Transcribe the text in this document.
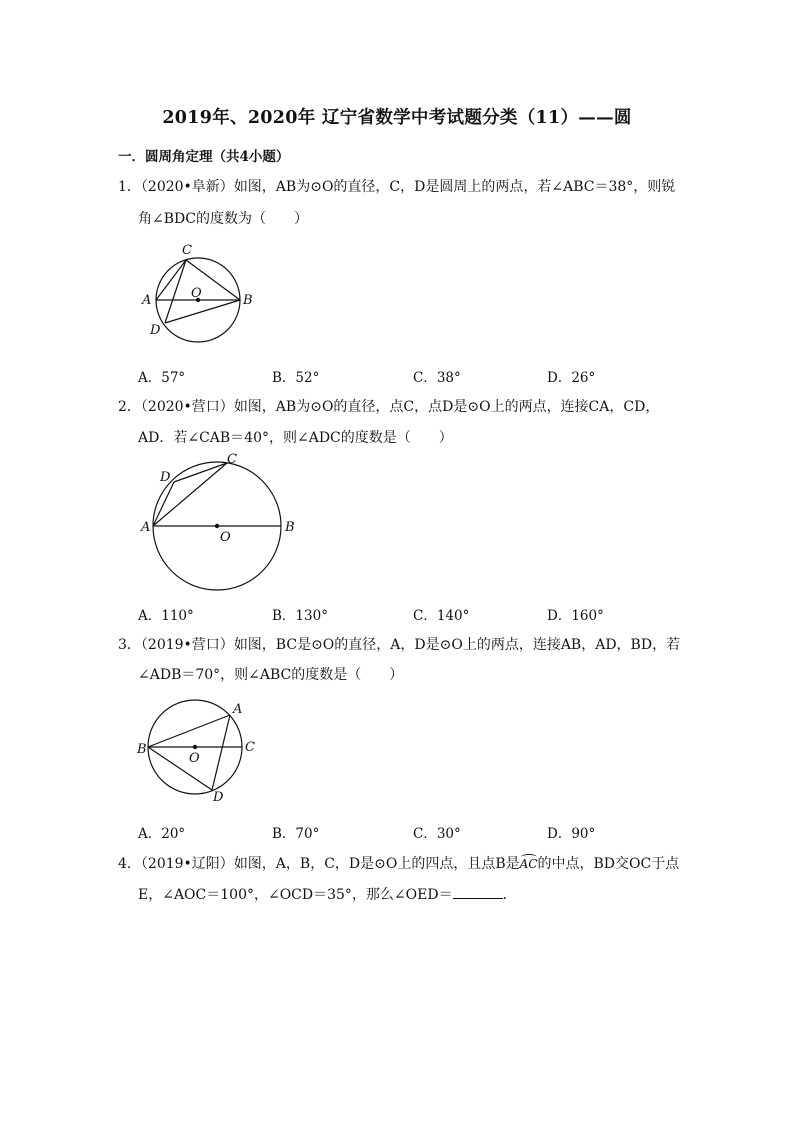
2019年、2020年 辽宁省数学中考试题分类（11）——圆
一．圆周角定理（共4小题）
1．（2020•阜新）如图，AB为⊙O的直径，C，D是圆周上的两点，若∠ABC＝38°，则锐
角∠BDC的度数为（　　）
C
A	O	B
D
A．57°	B．52°	C．38°	D．26°
2．（2020•营口）如图，AB为⊙O的直径，点C，点D是⊙O上的两点，连接CA，CD，
AD．若∠CAB＝40°，则∠ADC的度数是（　　）
D
C
A
O
B
A．110°	B．130°	C．140°	D．160°
3．（2019•营口）如图，BC是⊙O的直径，A，D是⊙O上的两点，连接AB，AD，BD，若
∠ADB＝70°，则∠ABC的度数是（　　）
A
B	C
O
D
A．20°	B．70°	C．30°	D．90°
4．（2019•辽阳）如图，A，B，C，D是⊙O上的四点，且点B是AC的中点，BD交OC于点
E，∠AOC＝100°，∠OCD＝35°，那么∠OED＝	．
